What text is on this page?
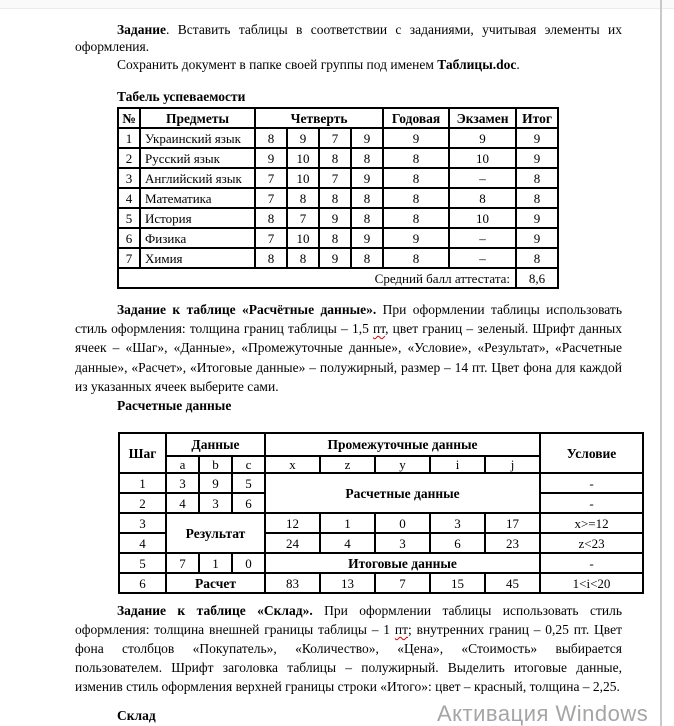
Задание. Вставить таблицы в соответствии с заданиями, учитывая элементы их оформления.

Сохранить документ в папке своей группы под именем Таблицы.doc.

Табель успеваемости

№	Предметы	Четверть				Годовая	Экзамен	Итог
1	Украинский язык	8	9	7	9	9	9	9
2	Русский язык	9	10	8	8	8	10	9
3	Английский язык	7	10	7	9	8	–	8
4	Математика	7	8	8	8	8	8	8
5	История	8	7	9	8	8	10	9
6	Физика	7	10	8	9	9	–	9
7	Химия	8	8	9	8	8	–	8
Средний балл аттестата:								8,6

Задание к таблице «Расчётные данные». При оформлении таблицы использовать стиль оформления: толщина границ таблицы – 1,5 пт, цвет границ – зеленый. Шрифт данных ячеек – «Шаг», «Данные», «Промежуточные данные», «Условие», «Результат», «Расчетные данные», «Расчет», «Итоговые данные» – полужирный, размер – 14 пт. Цвет фона для каждой из указанных ячеек выберите сами.

Расчетные данные

Шаг	Данные			Промежуточные данные					Условие
	a	b	c	x	z	y	i	j	
1	3	9	5	Расчетные данные					-
2	4	3	6						-
3	Результат			12	1	0	3	17	x>=12
4				24	4	3	6	23	z<23
5	7	1	0	Итоговые данные					-
6	Расчет			83	13	7	15	45	1<i<20

Задание к таблице «Склад». При оформлении таблицы использовать стиль оформления: толщина внешней границы таблицы – 1 пт; внутренних границ – 0,25 пт. Цвет фона столбцов «Покупатель», «Количество», «Цена», «Стоимость» выбирается пользователем. Шрифт заголовка таблицы – полужирный. Выделить итоговые данные, изменив стиль оформления верхней границы строки «Итого»: цвет – красный, толщина – 2,25.

Склад	Активация Windows
